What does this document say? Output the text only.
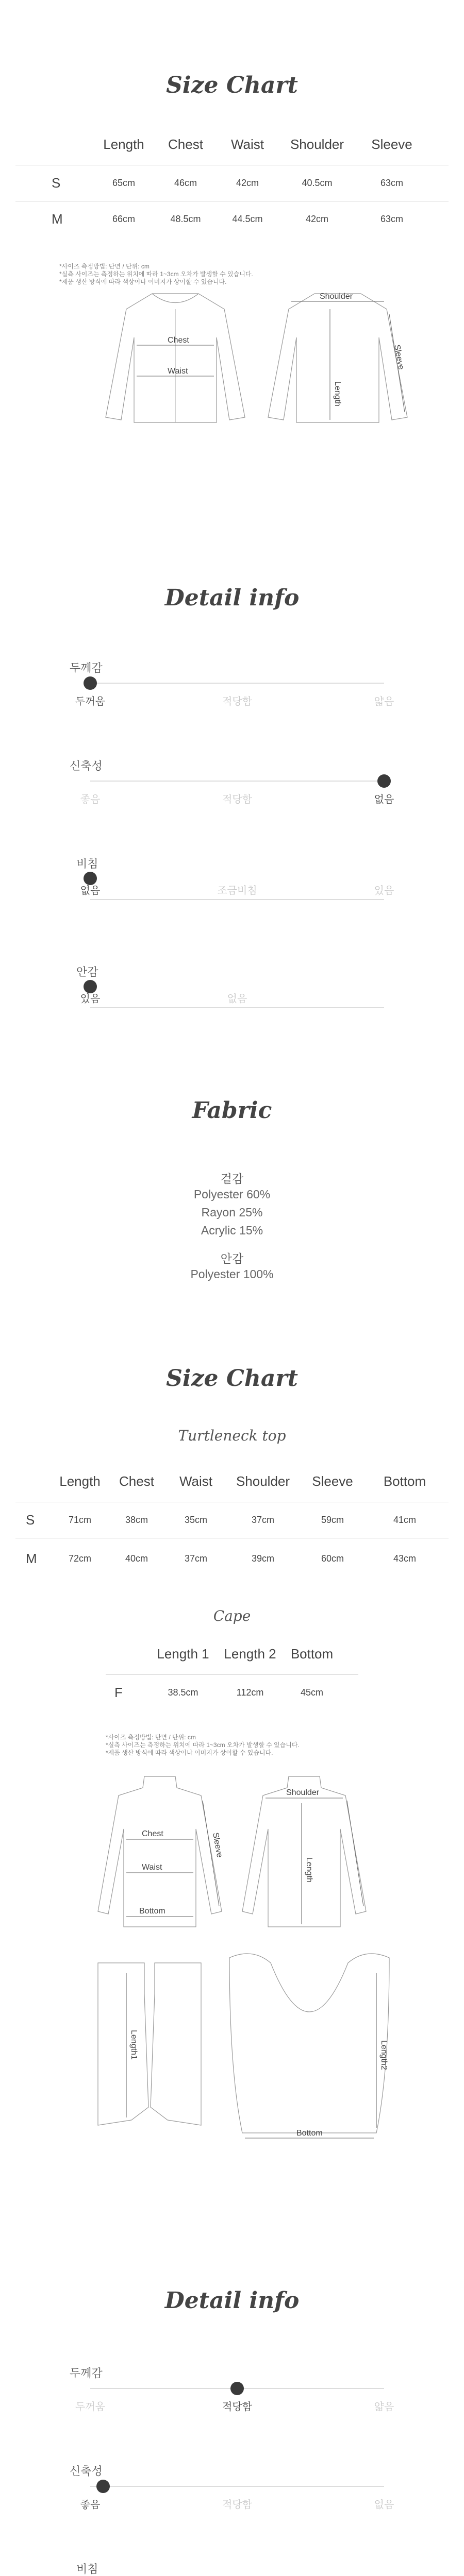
Size Chart
Length	Chest	Waist	Shoulder	Sleeve
S	65cm	46cm	42cm	40.5cm	63cm
M	66cm	48.5cm	44.5cm	42cm	63cm
*사이즈 측정방법: 단면 / 단위: cm
*실측 사이즈는 측정하는 위치에 따라 1~3cm 오차가 발생할 수 있습니다.
*제품 생산 방식에 따라 색상이나 이미지가 상이할 수 있습니다.
Chest
Waist
Shoulder
Length
Sleeve
Detail info
두께감
두꺼움	적당함	얇음
신축성
좋음	적당함	없음
비침
없음	조금비침	있음
안감
있음	없음
Fabric
겉감
Polyester 60%
Rayon 25%
Acrylic 15%
안감
Polyester 100%
Size Chart
Turtleneck top
Length	Chest	Waist	Shoulder	Sleeve	Bottom
S	71cm	38cm	35cm	37cm	59cm	41cm
M	72cm	40cm	37cm	39cm	60cm	43cm
Cape
Length 1	Length 2	Bottom
F	38.5cm	112cm	45cm
*사이즈 측정방법: 단면 / 단위: cm
*실측 사이즈는 측정하는 위치에 따라 1~3cm 오차가 발생할 수 있습니다.
*제품 생산 방식에 따라 색상이나 이미지가 상이할 수 있습니다.
Chest
Waist
Bottom
Sleeve
Shoulder
Length
Length1	Length2
Bottom
Detail info
두께감
두꺼움	적당함	얇음
신축성
좋음	적당함	없음
비침
